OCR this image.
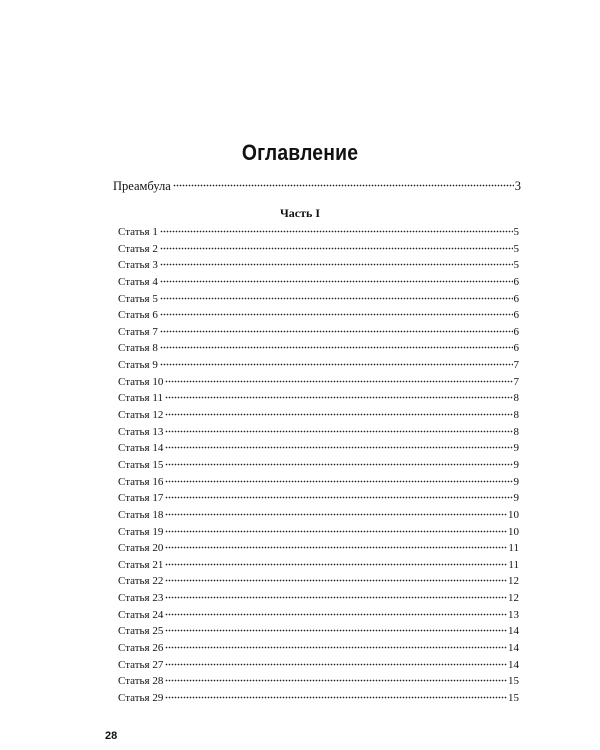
Оглавление
Преамбула	3
Часть I
Статья 1	5
Статья 2	5
Статья 3	5
Статья 4	6
Статья 5	6
Статья 6	6
Статья 7	6
Статья 8	6
Статья 9	7
Статья 10	7
Статья 11	8
Статья 12	8
Статья 13	8
Статья 14	9
Статья 15	9
Статья 16	9
Статья 17	9
Статья 18	10
Статья 19	10
Статья 20	11
Статья 21	11
Статья 22	12
Статья 23	12
Статья 24	13
Статья 25	14
Статья 26	14
Статья 27	14
Статья 28	15
Статья 29	15
28
